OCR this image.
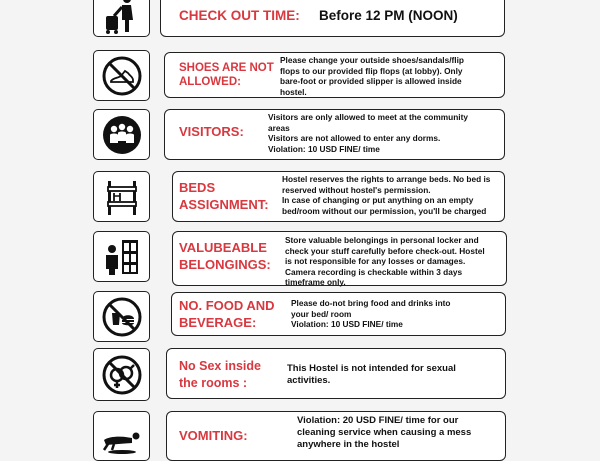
CHECK OUT TIME: Before 12 PM (NOON)
SHOES ARE NOT
ALLOWED:
Please change your outside shoes/sandals/flip
flops to our provided flip flops (at lobby). Only
bare-foot or provided slipper is allowed inside
hostel.
VISITORS:
Visitors are only allowed to meet at the community
areas
Visitors are not allowed to enter any dorms.
Violation: 10 USD FINE/ time
BEDS
ASSIGNMENT:
Hostel reserves the rights to arrange beds. No bed is
reserved without hostel's permission.
In case of changing or put anything on an empty
bed/room without our permission, you'll be charged
VALUBEABLE
BELONGINGS:
Store valuable belongings in personal locker and
check your stuff carefully before check-out. Hostel
is not responsible for any losses or damages.
Camera recording is checkable within 3 days
timeframe only.
NO. FOOD AND
BEVERAGE:
Please do-not bring food and drinks into
your bed/ room
Violation: 10 USD FINE/ time
No Sex inside
the rooms :
This Hostel is not intended for sexual
activities.
VOMITING:
Violation: 20 USD FINE/ time for our
cleaning service when causing a mess
anywhere in the hostel
